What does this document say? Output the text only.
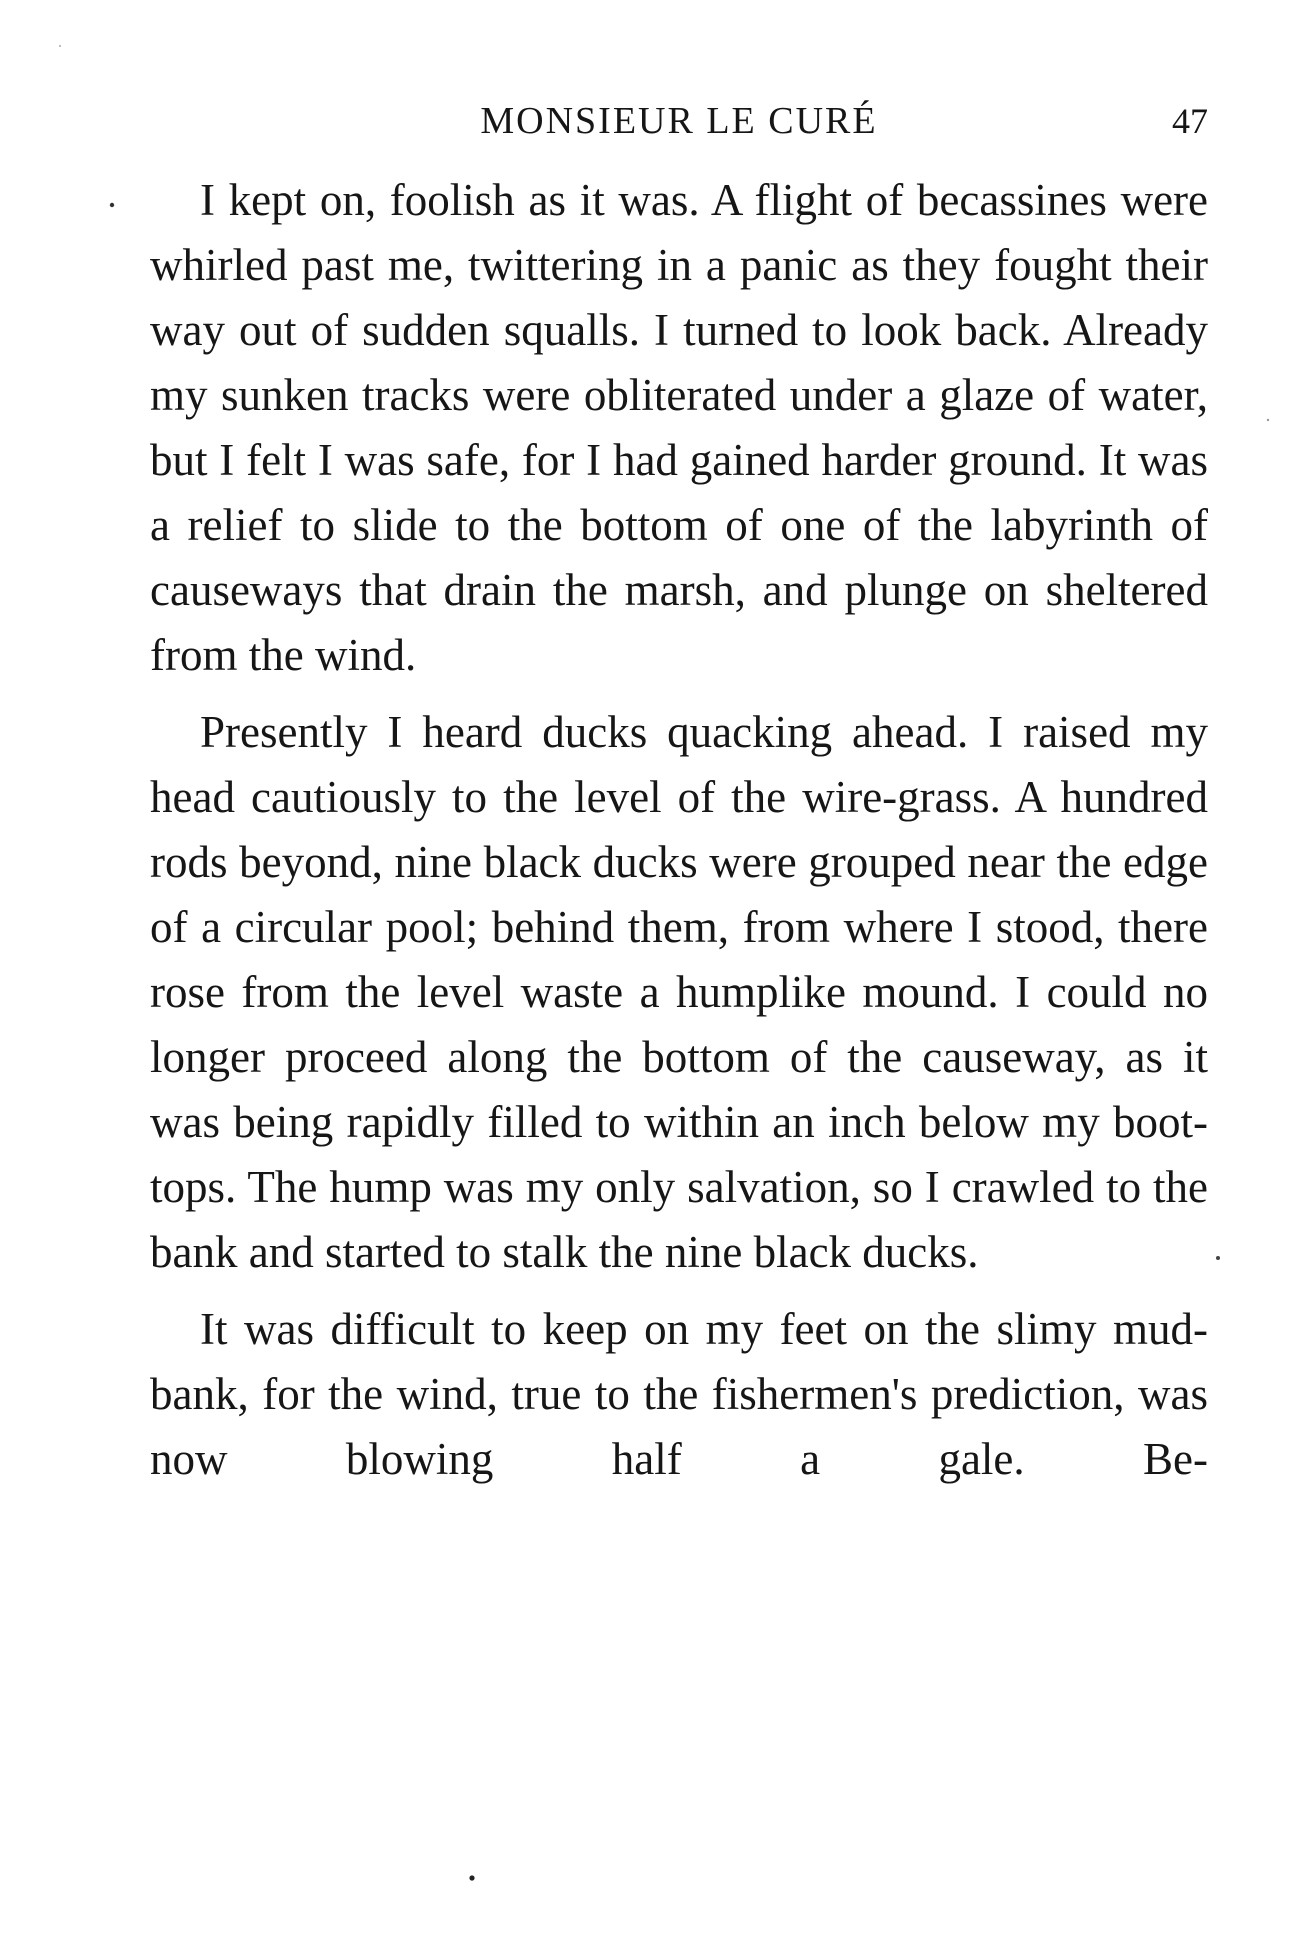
MONSIEUR LE CURÉ	47

I kept on, foolish as it was. A flight of becassines were whirled past me, twittering in a panic as they fought their way out of sudden squalls. I turned to look back. Already my sunken tracks were obliterated under a glaze of water, but I felt I was safe, for I had gained harder ground. It was a relief to slide to the bottom of one of the labyrinth of causeways that drain the marsh, and plunge on sheltered from the wind.

Presently I heard ducks quacking ahead. I raised my head cautiously to the level of the wire-grass. A hundred rods beyond, nine black ducks were grouped near the edge of a circular pool; behind them, from where I stood, there rose from the level waste a humplike mound. I could no longer proceed along the bottom of the causeway, as it was being rapidly filled to within an inch below my boot-tops. The hump was my only salvation, so I crawled to the bank and started to stalk the nine black ducks.

It was difficult to keep on my feet on the slimy mud-bank, for the wind, true to the fishermen's prediction, was now blowing half a gale. Be-
